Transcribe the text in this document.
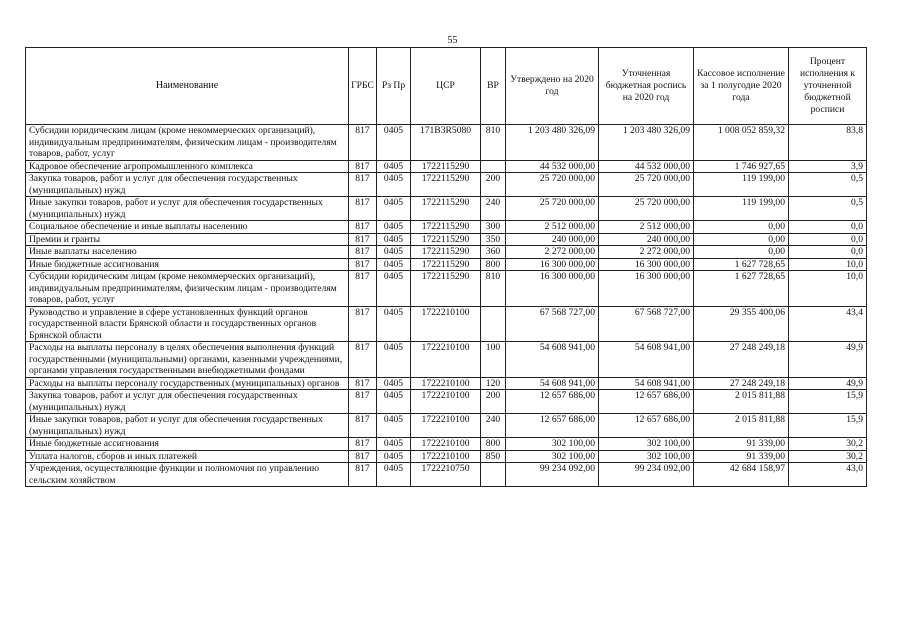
55
Наименование	ГРБС	Рз Пр	ЦСР	ВР	Утверждено на 2020 год	Уточненная бюджетная роспись на 2020 год	Кассовое исполнение за 1 полугодие 2020 года	Процент исполнения к уточненной бюджетной росписи
Субсидии юридическим лицам (кроме некоммерческих организаций), индивидуальным предпринимателям, физическим лицам - производителям товаров, работ, услуг	817	0405	171B3R5080	810	1 203 480 326,09	1 203 480 326,09	1 008 052 859,32	83,8
Кадровое обеспечение агропромышленного комплекса	817	0405	1722115290		44 532 000,00	44 532 000,00	1 746 927,65	3,9
Закупка товаров, работ и услуг для обеспечения государственных (муниципальных) нужд	817	0405	1722115290	200	25 720 000,00	25 720 000,00	119 199,00	0,5
Иные закупки товаров, работ и услуг для обеспечения государственных (муниципальных) нужд	817	0405	1722115290	240	25 720 000,00	25 720 000,00	119 199,00	0,5
Социальное обеспечение и иные выплаты населению	817	0405	1722115290	300	2 512 000,00	2 512 000,00	0,00	0,0
Премии и гранты	817	0405	1722115290	350	240 000,00	240 000,00	0,00	0,0
Иные выплаты населению	817	0405	1722115290	360	2 272 000,00	2 272 000,00	0,00	0,0
Иные бюджетные ассигнования	817	0405	1722115290	800	16 300 000,00	16 300 000,00	1 627 728,65	10,0
Субсидии юридическим лицам (кроме некоммерческих организаций), индивидуальным предпринимателям, физическим лицам - производителям товаров, работ, услуг	817	0405	1722115290	810	16 300 000,00	16 300 000,00	1 627 728,65	10,0
Руководство и управление в сфере установленных функций органов государственной власти Брянской области и государственных органов Брянской области	817	0405	1722210100		67 568 727,00	67 568 727,00	29 355 400,06	43,4
Расходы на выплаты персоналу в целях обеспечения выполнения функций государственными (муниципальными) органами, казенными учреждениями, органами управления государственными внебюджетными фондами	817	0405	1722210100	100	54 608 941,00	54 608 941,00	27 248 249,18	49,9
Расходы на выплаты персоналу государственных (муниципальных) органов	817	0405	1722210100	120	54 608 941,00	54 608 941,00	27 248 249,18	49,9
Закупка товаров, работ и услуг для обеспечения государственных (муниципальных) нужд	817	0405	1722210100	200	12 657 686,00	12 657 686,00	2 015 811,88	15,9
Иные закупки товаров, работ и услуг для обеспечения государственных (муниципальных) нужд	817	0405	1722210100	240	12 657 686,00	12 657 686,00	2 015 811,88	15,9
Иные бюджетные ассигнования	817	0405	1722210100	800	302 100,00	302 100,00	91 339,00	30,2
Уплата налогов, сборов и иных платежей	817	0405	1722210100	850	302 100,00	302 100,00	91 339,00	30,2
Учреждения, осуществляющие функции и полномочия по управлению сельским хозяйством	817	0405	1722210750		99 234 092,00	99 234 092,00	42 684 158,97	43,0
